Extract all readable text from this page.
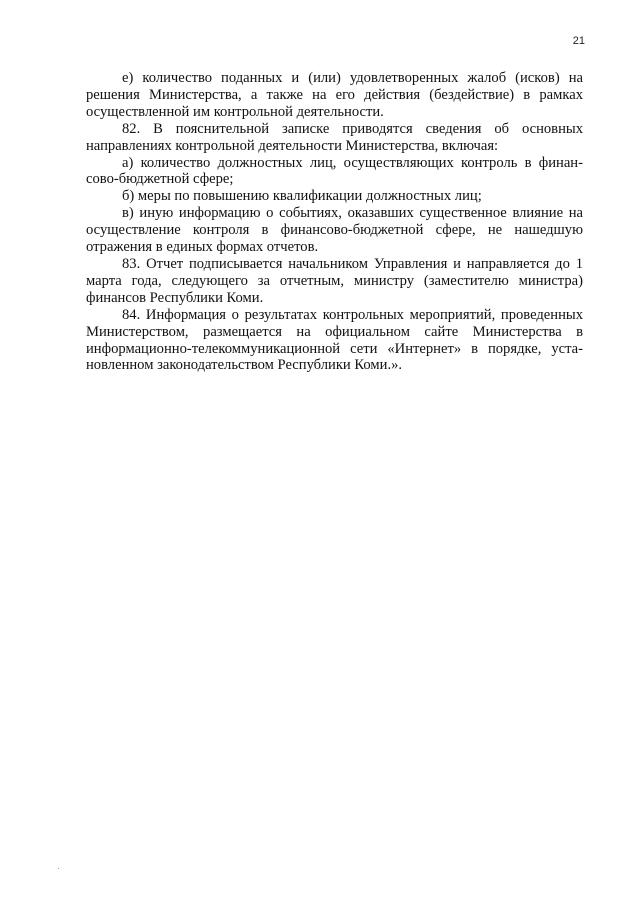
21

е) количество поданных и (или) удовлетворенных жалоб (исков) на решения Министерства, а также на его действия (бездействие) в рамках осуществленной им контрольной деятельности.

82. В пояснительной записке приводятся сведения об основных направлениях контрольной деятельности Министерства, включая:

а) количество должностных лиц, осуществляющих контроль в финансово-бюджетной сфере;

б) меры по повышению квалификации должностных лиц;

в) иную информацию о событиях, оказавших существенное влияние на осуществление контроля в финансово-бюджетной сфере, не нашедшую отражения в единых формах отчетов.

83. Отчет подписывается начальником Управления и направляется до 1 марта года, следующего за отчетным, министру (заместителю министра) финансов Республики Коми.

84. Информация о результатах контрольных мероприятий, проведенных Министерством, размещается на официальном сайте Министерства в информационно-телекоммуникационной сети «Интернет» в порядке, установленном законодательством Республики Коми.».
